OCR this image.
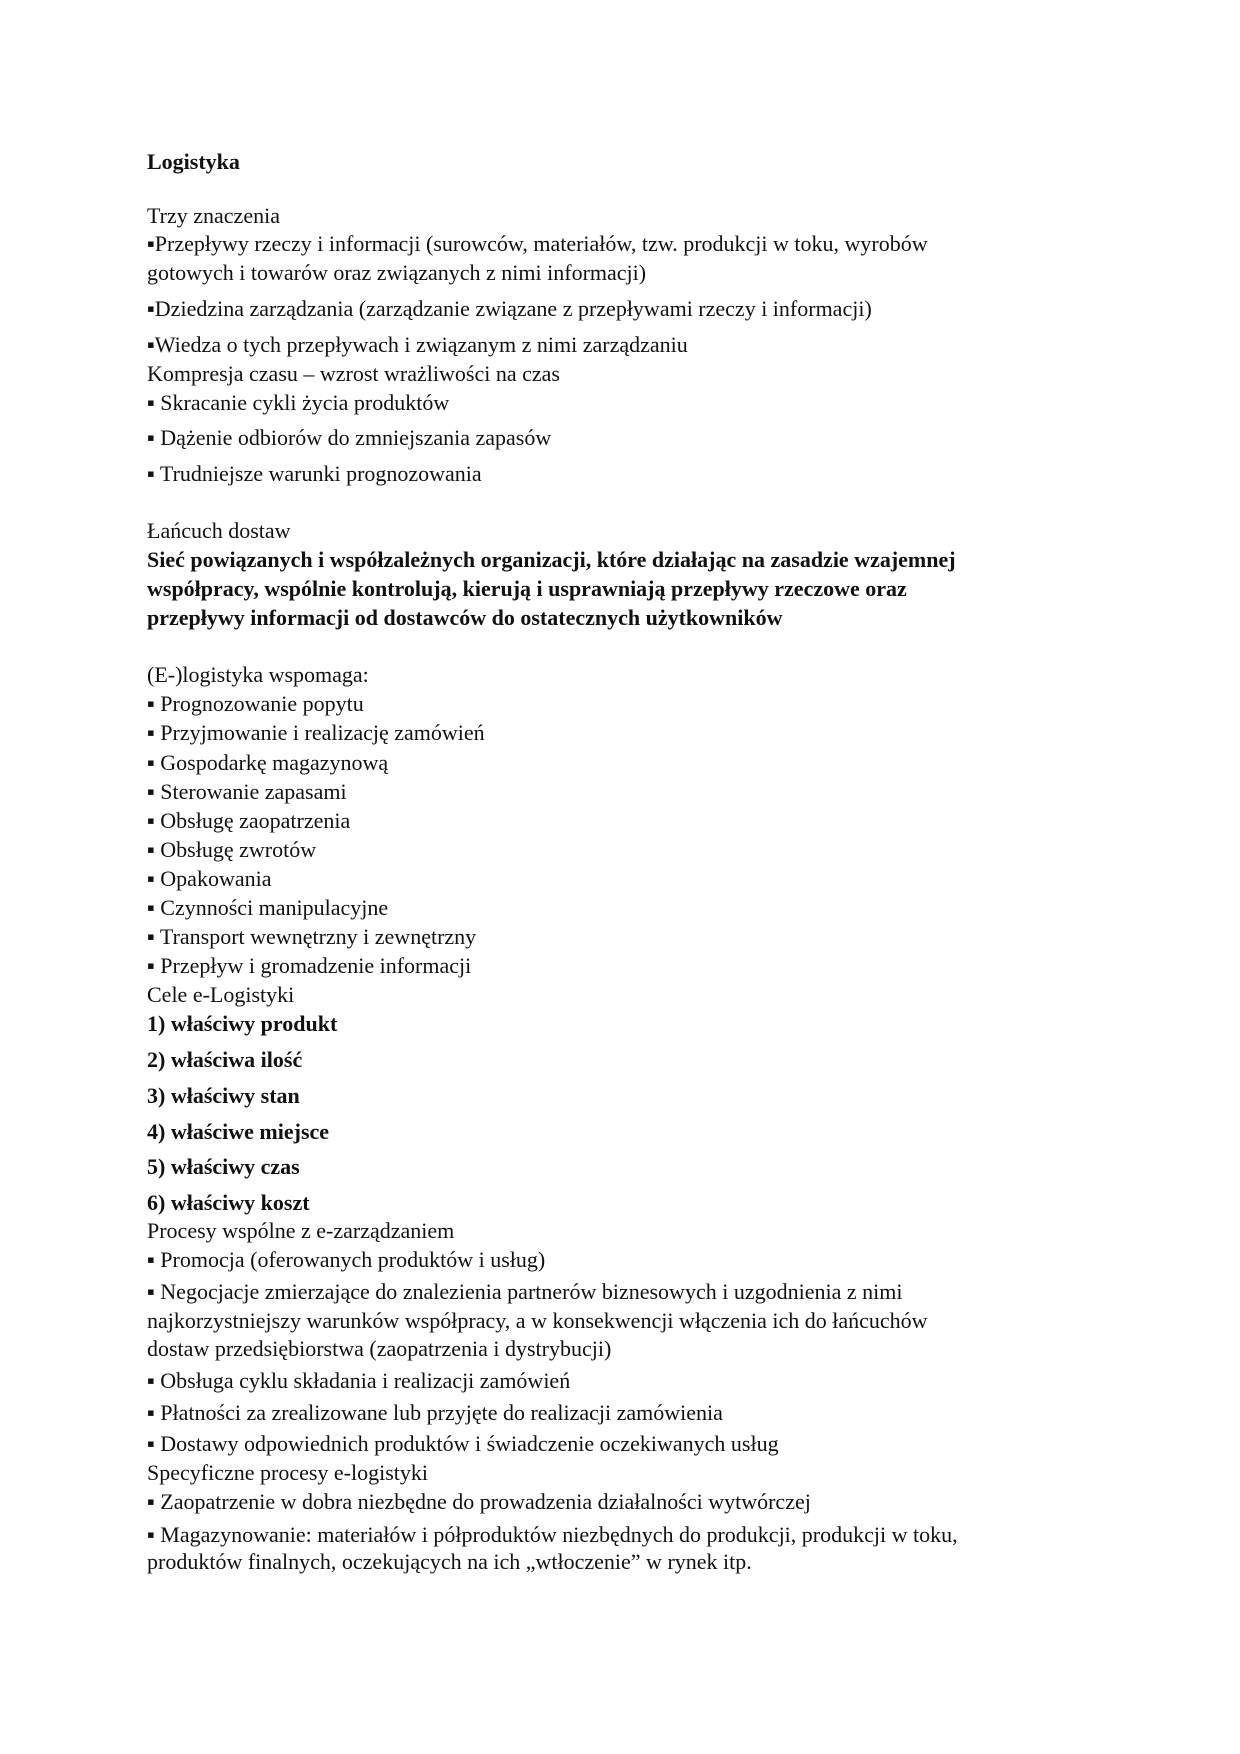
Logistyka
Trzy znaczenia
▪Przepływy rzeczy i informacji (surowców, materiałów, tzw. produkcji w toku, wyrobów
gotowych i towarów oraz związanych z nimi informacji)
▪Dziedzina zarządzania (zarządzanie związane z przepływami rzeczy i informacji)
▪Wiedza o tych przepływach i związanym z nimi zarządzaniu
Kompresja czasu – wzrost wrażliwości na czas
▪ Skracanie cykli życia produktów
▪ Dążenie odbiorów do zmniejszania zapasów
▪ Trudniejsze warunki prognozowania
Łańcuch dostaw
Sieć powiązanych i współzależnych organizacji, które działając na zasadzie wzajemnej
współpracy, wspólnie kontrolują, kierują i usprawniają przepływy rzeczowe oraz
przepływy informacji od dostawców do ostatecznych użytkowników
(E-)logistyka wspomaga:
▪ Prognozowanie popytu
▪ Przyjmowanie i realizację zamówień
▪ Gospodarkę magazynową
▪ Sterowanie zapasami
▪ Obsługę zaopatrzenia
▪ Obsługę zwrotów
▪ Opakowania
▪ Czynności manipulacyjne
▪ Transport wewnętrzny i zewnętrzny
▪ Przepływ i gromadzenie informacji
Cele e-Logistyki
1) właściwy produkt
2) właściwa ilość
3) właściwy stan
4) właściwe miejsce
5) właściwy czas
6) właściwy koszt
Procesy wspólne z e-zarządzaniem
▪ Promocja (oferowanych produktów i usług)
▪ Negocjacje zmierzające do znalezienia partnerów biznesowych i uzgodnienia z nimi
najkorzystniejszy warunków współpracy, a w konsekwencji włączenia ich do łańcuchów
dostaw przedsiębiorstwa (zaopatrzenia i dystrybucji)
▪ Obsługa cyklu składania i realizacji zamówień
▪ Płatności za zrealizowane lub przyjęte do realizacji zamówienia
▪ Dostawy odpowiednich produktów i świadczenie oczekiwanych usług
Specyficzne procesy e-logistyki
▪ Zaopatrzenie w dobra niezbędne do prowadzenia działalności wytwórczej
▪ Magazynowanie: materiałów i półproduktów niezbędnych do produkcji, produkcji w toku,
produktów finalnych, oczekujących na ich „wtłoczenie” w rynek itp.
